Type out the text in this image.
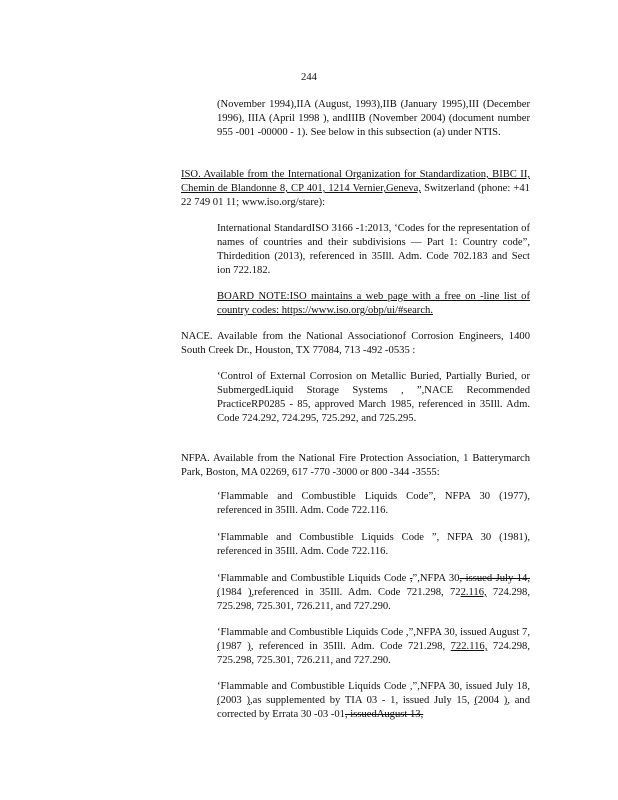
244

(November 1994),IIA (August, 1993),IIB (January 1995),III (December 1996), IIIA (April 1998 ), andIIIB (November 2004) (document number 955 -001 -00000 - 1). See below in this subsection (a) under NTIS.

ISO. Available from the International Organization for Standardization, BIBC II, Chemin de Blandonne 8, CP 401, 1214 Vernier,Geneva, Switzerland (phone: +41 22 749 01 11; www.iso.org/stare):

International StandardISO 3166 -1:2013, ‘Codes for the representation of names of countries and their subdivisions — Part 1: Country code”, Thirdedition (2013), referenced in 35Ill. Adm. Code 702.183 and Sect ion 722.182.

BOARD NOTE:ISO maintains a web page with a free on -line list of country codes: https://www.iso.org/obp/ui/#search.

NACE. Available from the National Associationof Corrosion Engineers, 1400 South Creek Dr., Houston, TX 77084, 713 -492 -0535 :

‘Control of External Corrosion on Metallic Buried, Partially Buried, or SubmergedLiquid Storage Systems , ”,NACE Recommended PracticeRP0285 - 85, approved March 1985, referenced in 35Ill. Adm. Code 724.292, 724.295, 725.292, and 725.295.

NFPA. Available from the National Fire Protection Association, 1 Batterymarch Park, Boston, MA 02269, 617 -770 -3000 or 800 -344 -3555:

‘Flammable and Combustible Liquids Code”, NFPA 30 (1977), referenced in 35Ill. Adm. Code 722.116.

‘Flammable and Combustible Liquids Code ”, NFPA 30 (1981), referenced in 35Ill. Adm. Code 722.116.

‘Flammable and Combustible Liquids Code ,”,NFPA 30, issued July 14, (1984 ),referenced in 35Ill. Adm. Code 721.298, 722.116, 724.298, 725.298, 725.301, 726.211, and 727.290.

‘Flammable and Combustible Liquids Code ,”,NFPA 30, issued August 7, (1987 ), referenced in 35Ill. Adm. Code 721.298, 722.116, 724.298, 725.298, 725.301, 726.211, and 727.290.

‘Flammable and Combustible Liquids Code ,”,NFPA 30, issued July 18, (2003 ),as supplemented by TIA 03 - 1, issued July 15, (2004 ), and corrected by Errata 30 -03 -01, issuedAugust 13,
